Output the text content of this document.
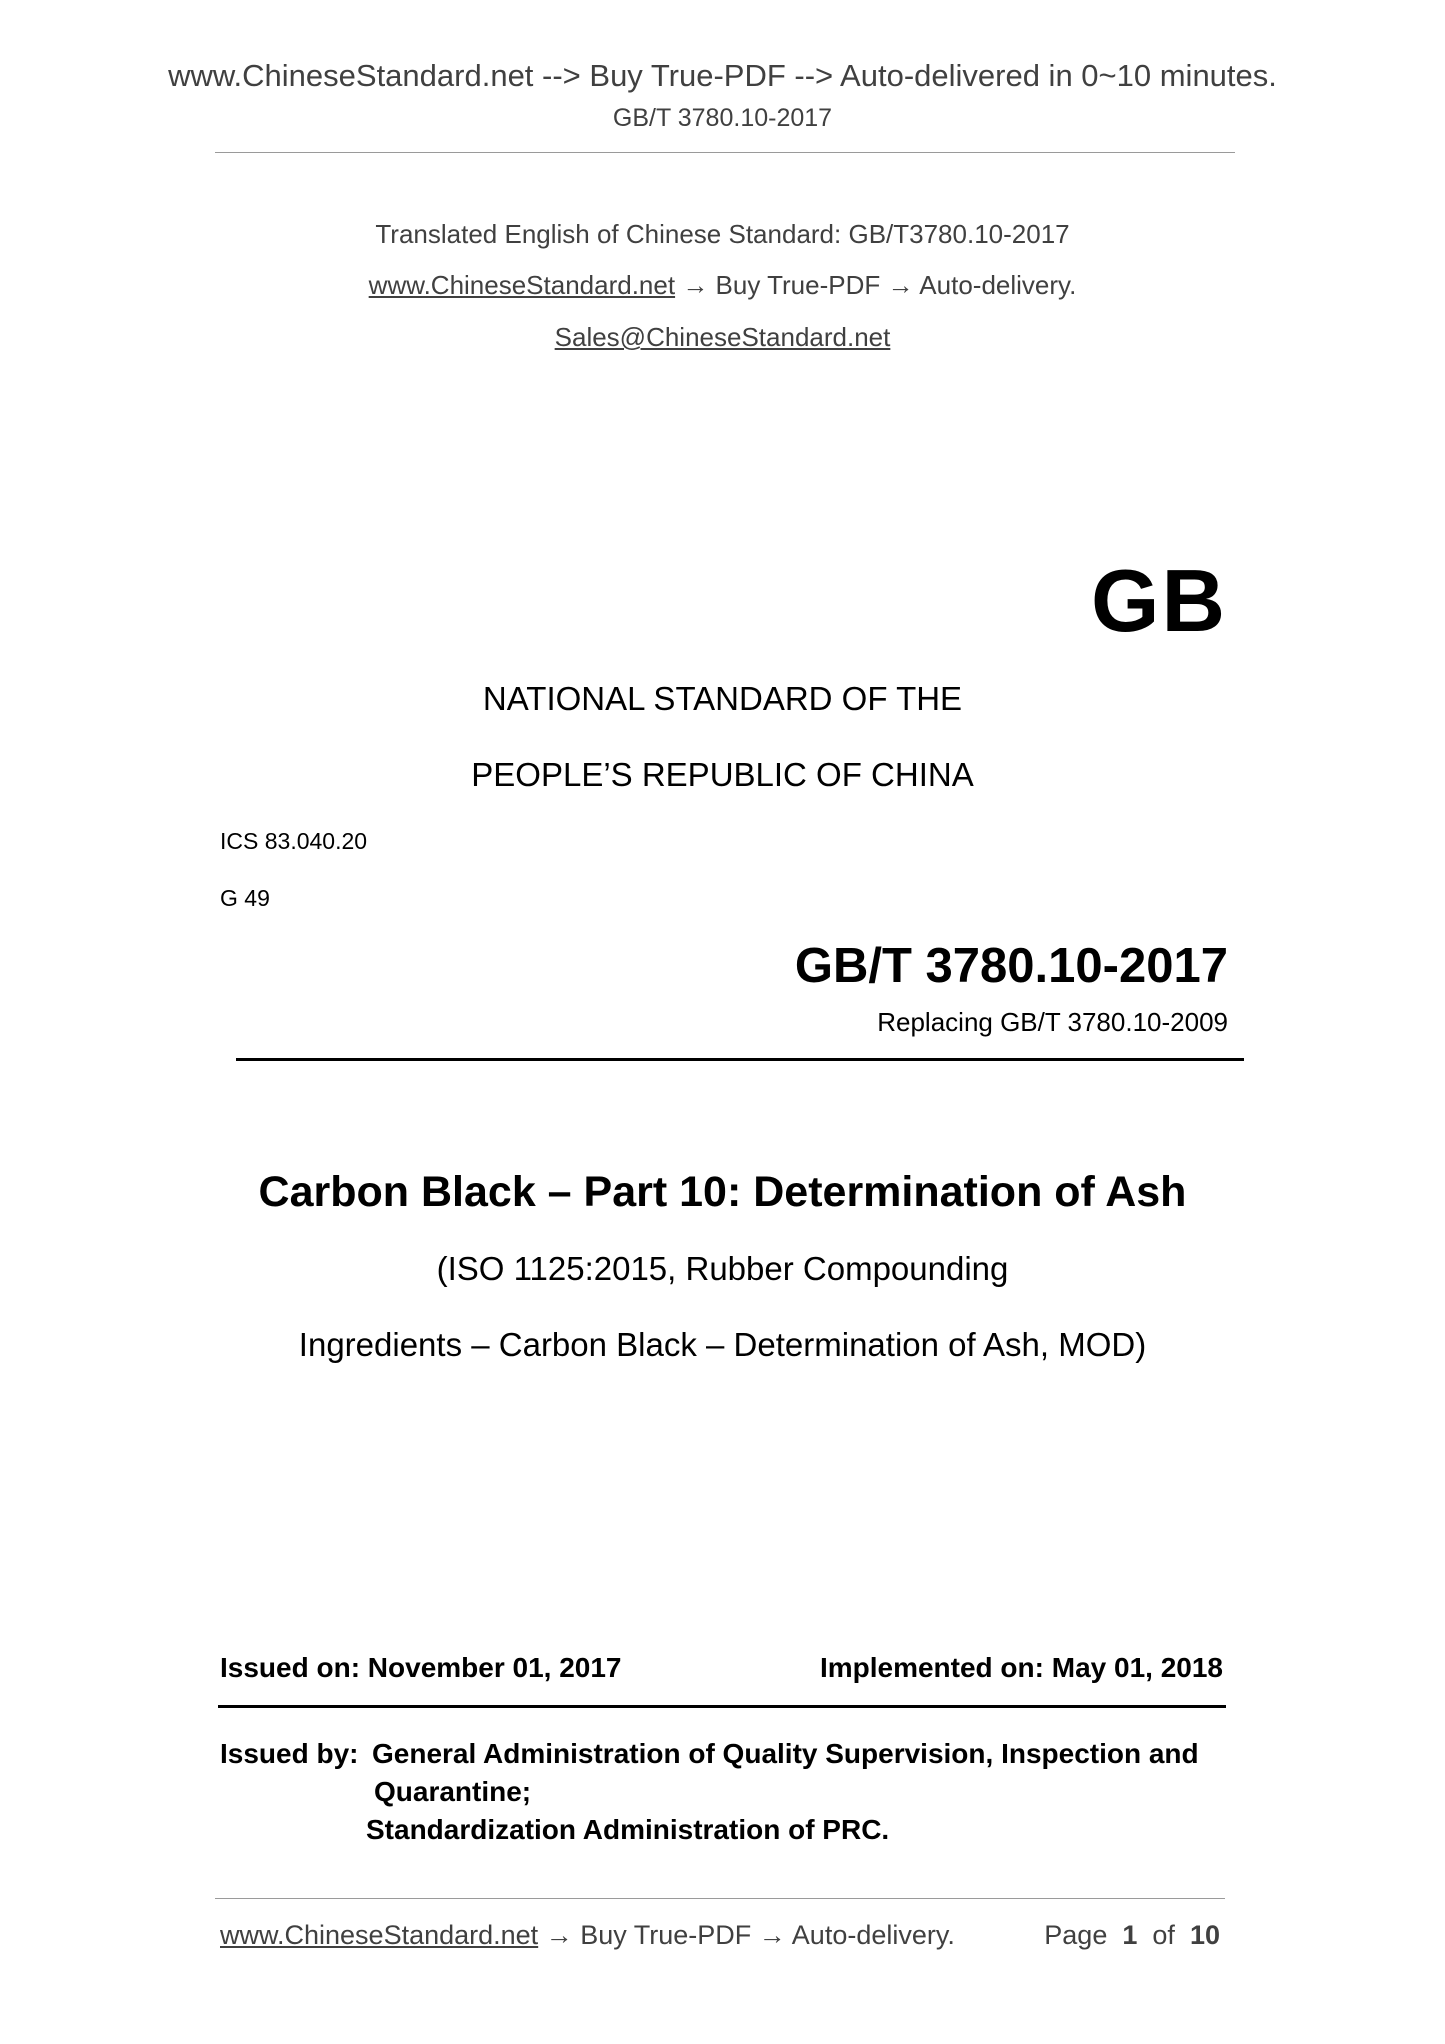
www.ChineseStandard.net --> Buy True-PDF --> Auto-delivered in 0~10 minutes.
GB/T 3780.10-2017
Translated English of Chinese Standard: GB/T3780.10-2017
www.ChineseStandard.net → Buy True-PDF → Auto-delivery.
Sales@ChineseStandard.net
GB
NATIONAL STANDARD OF THE
PEOPLE’S REPUBLIC OF CHINA
ICS 83.040.20
G 49
GB/T 3780.10-2017
Replacing GB/T 3780.10-2009
Carbon Black – Part 10: Determination of Ash
(ISO 1125:2015, Rubber Compounding
Ingredients – Carbon Black – Determination of Ash, MOD)
Issued on: November 01, 2017	Implemented on: May 01, 2018
Issued by: General Administration of Quality Supervision, Inspection and
Quarantine;
Standardization Administration of PRC.
www.ChineseStandard.net → Buy True-PDF → Auto-delivery.	Page 1 of 10
